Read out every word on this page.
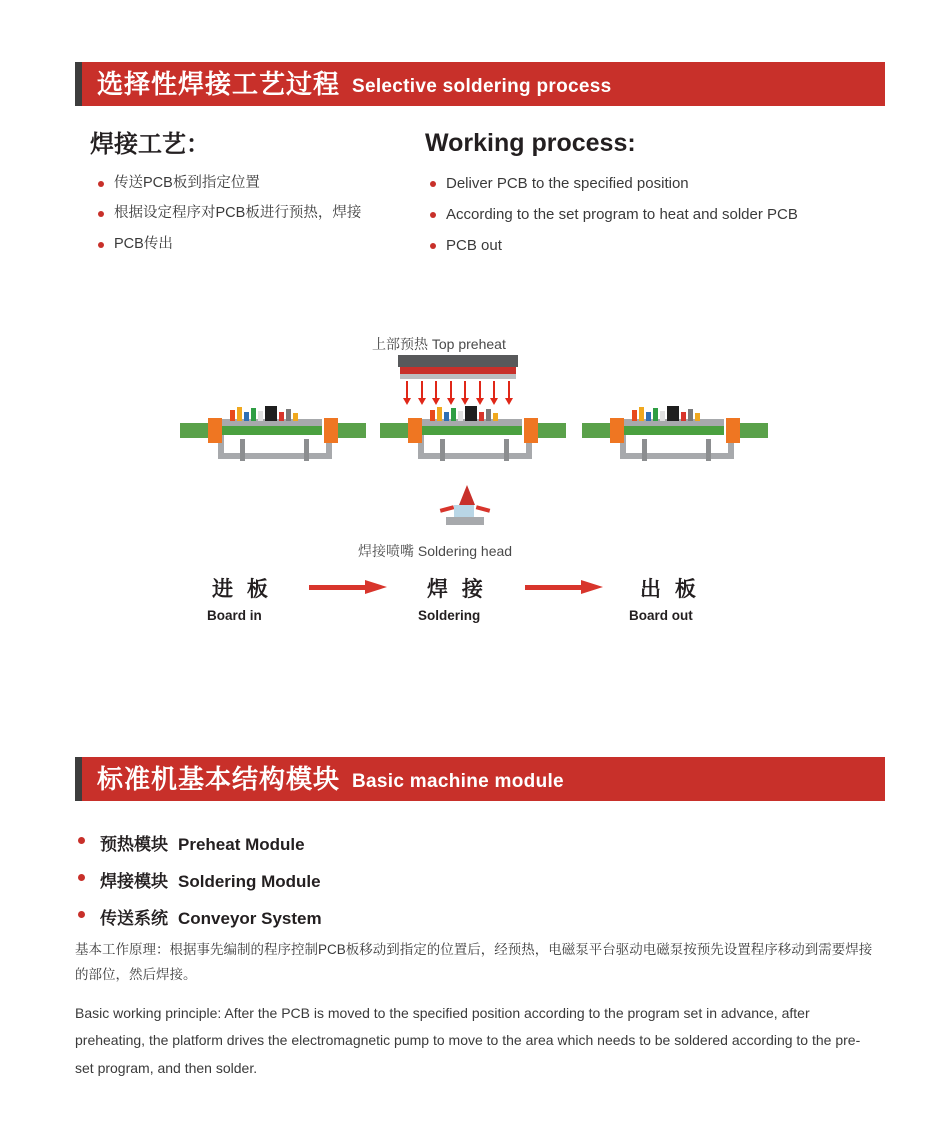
选择性焊接工艺过程 Selective soldering process
焊接工艺：	Working process:
传送PCB板到指定位置
根据设定程序对PCB板进行预热，焊接
PCB传出
Deliver PCB to the specified position
According to the set program to heat and solder PCB
PCB out
上部预热 Top preheat
焊接喷嘴 Soldering head
进 板
Board in
焊 接
Soldering
出 板
Board out
标准机基本结构模块 Basic machine module
预热模块 Preheat Module
焊接模块 Soldering Module
传送系统 Conveyor System
基本工作原理：根据事先编制的程序控制PCB板移动到指定的位置后，经预热，电磁泵平台驱动电磁泵按预先设置程序移动到需要焊接的部位，然后焊接。
Basic working principle: After the PCB is moved to the specified position according to the program set in advance, after preheating, the platform drives the electromagnetic pump to move to the area which needs to be soldered according to the pre-set program, and then solder.
